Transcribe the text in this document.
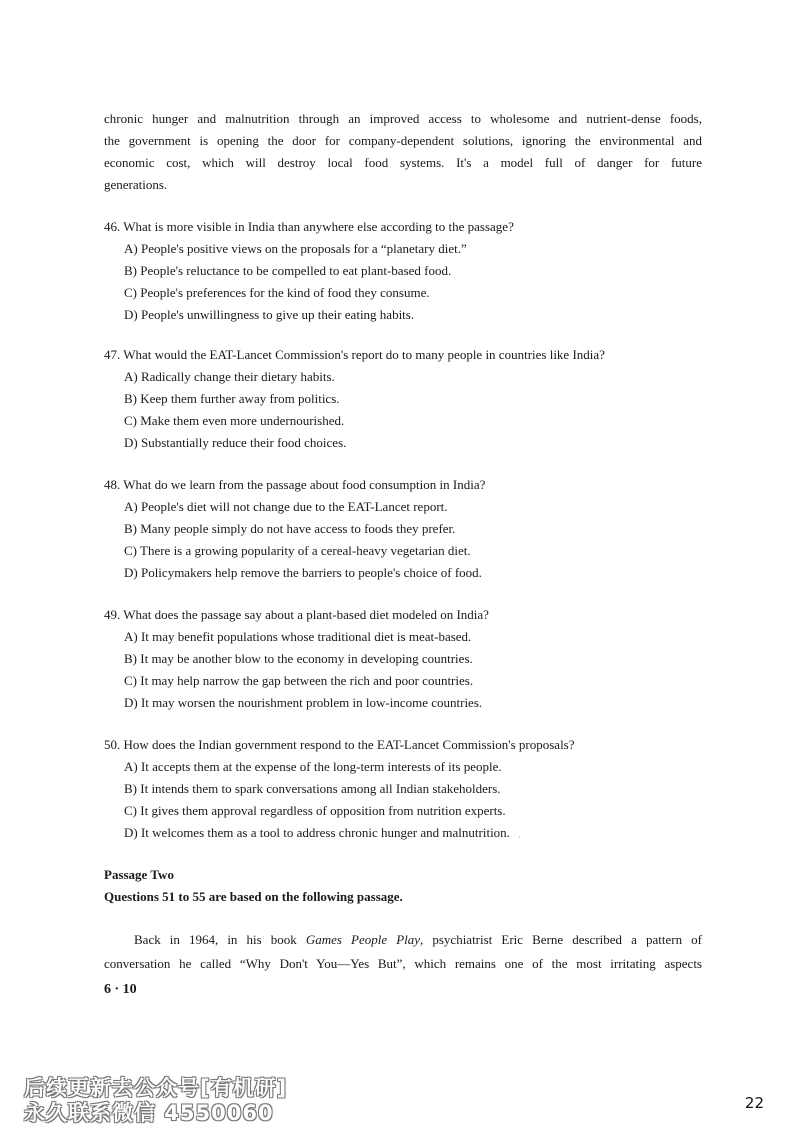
chronic hunger and malnutrition through an improved access to wholesome and nutrient-dense foods,
the government is opening the door for company-dependent solutions, ignoring the environmental and
economic cost, which will destroy local food systems. It's a model full of danger for future
generations.

46. What is more visible in India than anywhere else according to the passage?
A) People's positive views on the proposals for a “planetary diet.”
B) People's reluctance to be compelled to eat plant-based food.
C) People's preferences for the kind of food they consume.
D) People's unwillingness to give up their eating habits.
47. What would the EAT-Lancet Commission's report do to many people in countries like India?
A) Radically change their dietary habits.
B) Keep them further away from politics.
C) Make them even more undernourished.
D) Substantially reduce their food choices.
48. What do we learn from the passage about food consumption in India?
A) People's diet will not change due to the EAT-Lancet report.
B) Many people simply do not have access to foods they prefer.
C) There is a growing popularity of a cereal-heavy vegetarian diet.
D) Policymakers help remove the barriers to people's choice of food.
49. What does the passage say about a plant-based diet modeled on India?
A) It may benefit populations whose traditional diet is meat-based.
B) It may be another blow to the economy in developing countries.
C) It may help narrow the gap between the rich and poor countries.
D) It may worsen the nourishment problem in low-income countries.
50. How does the Indian government respond to the EAT-Lancet Commission's proposals?
A) It accepts them at the expense of the long-term interests of its people.
B) It intends them to spark conversations among all Indian stakeholders.
C) It gives them approval regardless of opposition from nutrition experts.
D) It welcomes them as a tool to address chronic hunger and malnutrition.
Passage Two
Questions 51 to 55 are based on the following passage.
Back in 1964, in his book Games People Play, psychiatrist Eric Berne described a pattern of
conversation he called “Why Don't You—Yes But”, which remains one of the most irritating aspects
6 · 10
·
后续更新去公众号[有机研]
永久联系微信 4550060	22
